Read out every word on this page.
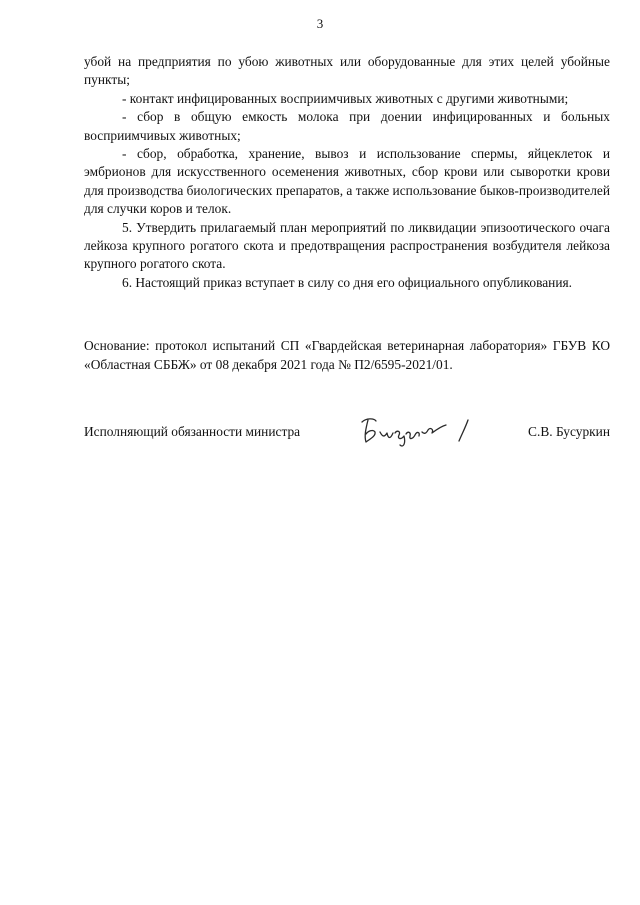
3

убой на предприятия по убою животных или оборудованные для этих целей убойные пункты;

- контакт инфицированных восприимчивых животных с другими животными;

- сбор в общую емкость молока при доении инфицированных и больных восприимчивых животных;

- сбор, обработка, хранение, вывоз и использование спермы, яйцеклеток и эмбрионов для искусственного осеменения животных, сбор крови или сыворотки крови для производства биологических препаратов, а также использование быков-производителей для случки коров и телок.

5. Утвердить прилагаемый план мероприятий по ликвидации эпизоотического очага лейкоза крупного рогатого скота и предотвращения распространения возбудителя лейкоза крупного рогатого скота.

6. Настоящий приказ вступает в силу со дня его официального опубликования.

Основание: протокол испытаний СП «Гвардейская ветеринарная лаборатория» ГБУВ КО «Областная СББЖ» от 08 декабря 2021 года № П2/6595-2021/01.

Исполняющий обязанности министра	С.В. Бусуркин
